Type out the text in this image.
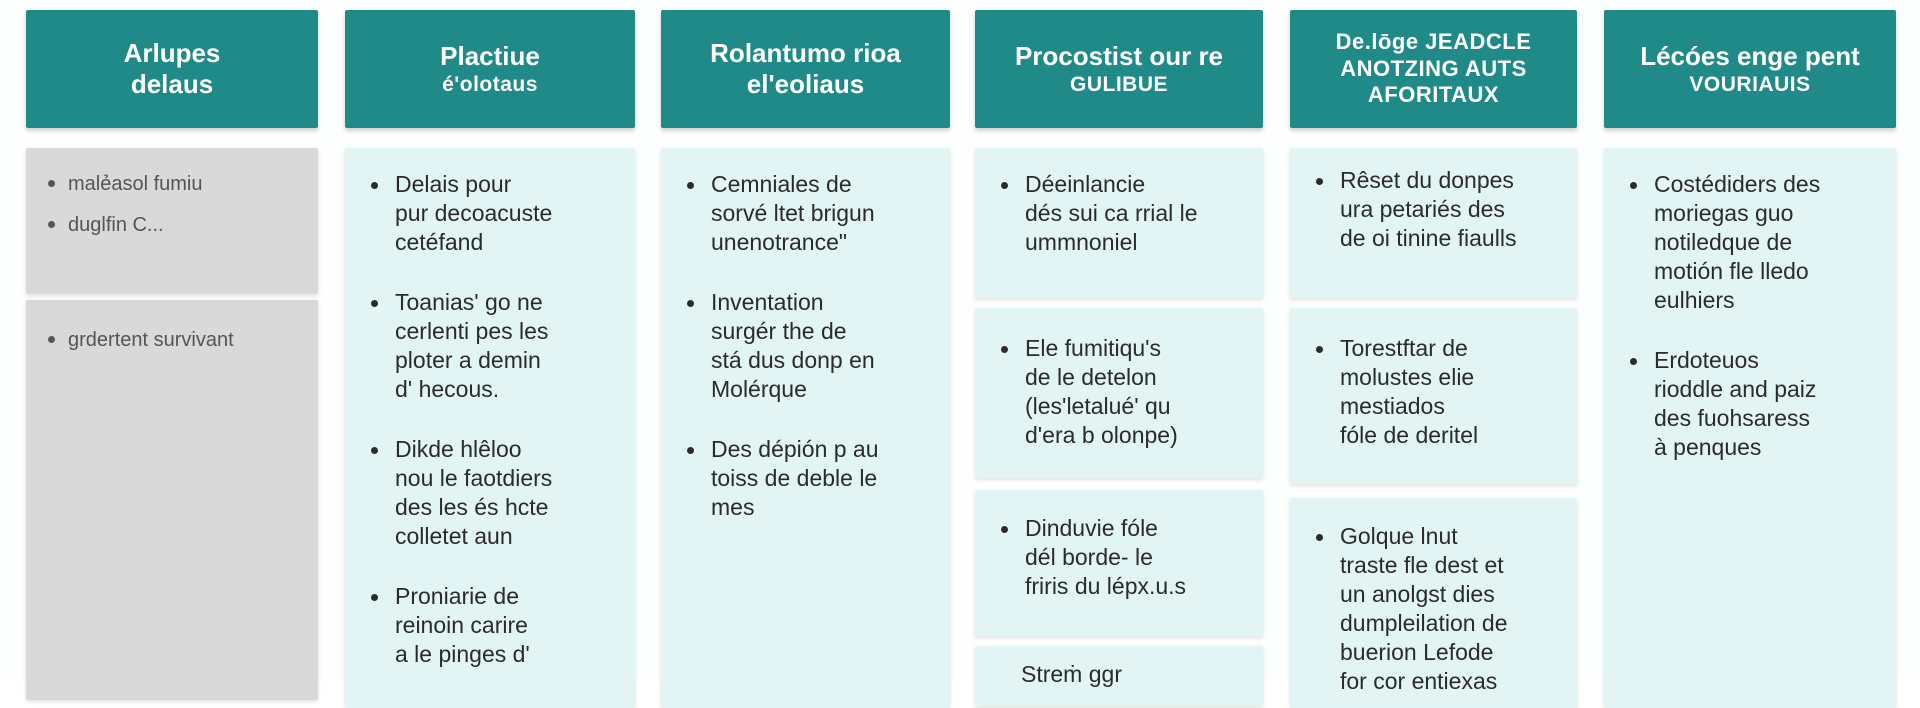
Arlupes
delaus
malẻasol fumiu
duglfin C...
grdertent survivant
Plactiue
é'olotaus
Delais pour
pur decoacuste
cetéfand
Toanias' go ne
cerlenti pes les
ploter a demin
d' hecous.
Dikde hlêloo
nou le faotdiers
des les és hcte
colletet aun
Proniarie de
reinoin carire
a le pinges d'
Rolantumo rioa
el'eoliaus
Cemniales de
sorvé ltet brigun
unenotrance"
Inventation
surgér the de
stá dus donp en
Molérque
Des dépión p au
toiss de deble le
mes
Procostist our re
GULIBUE
Déeinlancie
dés sui ca rrial le
ummnoniel
Ele fumitiqu's
de le detelon
(les'letalué' qu
d'era b olonpe)
Dinduvie fóle
dél borde- le
friris du lépx.u.s
Streṁ ggr
De.lōge JEADCLE
ANOTZING AUTS
AFORITAUX
Rêset du donpes
ura petariés des
de oi tinine fiaulls
Torestftar de
molustes elie
mestiados
fóle de deritel
Golque lnut
traste fle dest et
un anolgst dies
dumpleilation de
buerion Lefode
for cor entiexas
Lécóes enge pent
VOURIAUIS
Costédiders des
moriegas guo
notiledque de
motión fle lledo
eulhiers
Erdoteuos
rioddle and paiz
des fuohsaress
à penques
